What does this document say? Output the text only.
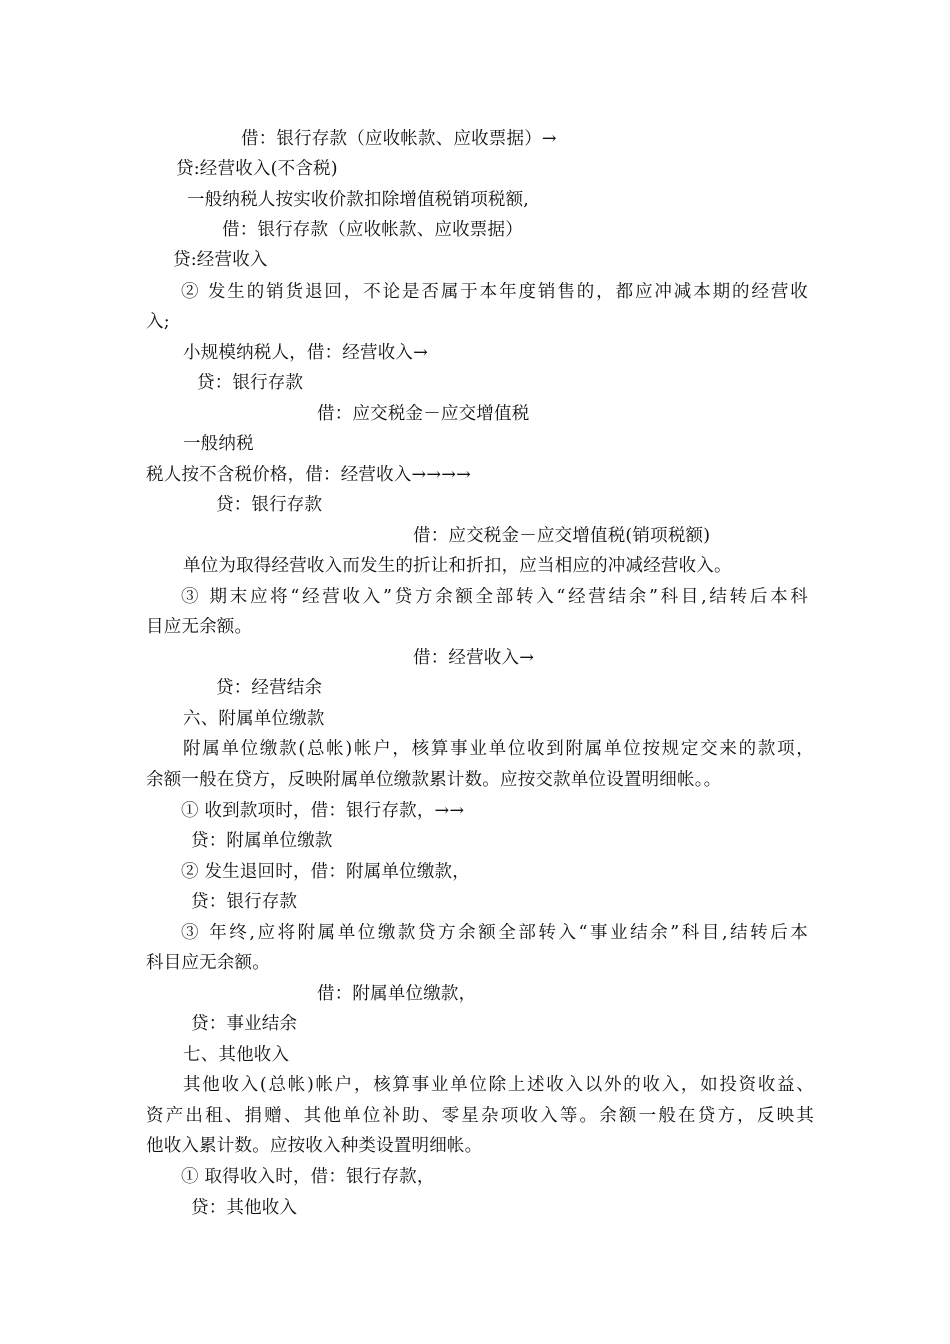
借：银行存款（应收帐款、应收票据）→
贷:经营收入(不含税)
一般纳税人按实收价款扣除增值税销项税额,
借：银行存款（应收帐款、应收票据）
贷:经营收入
② 发生的销货退回，不论是否属于本年度销售的，都应冲减本期的经营收
入;
小规模纳税人，借：经营收入→
贷：银行存款
借：应交税金－应交增值税
一般纳税
税人按不含税价格，借：经营收入→→→→
贷：银行存款
借：应交税金－应交增值税(销项税额)
单位为取得经营收入而发生的折让和折扣，应当相应的冲减经营收入。
③ 期末应将“经营收入”贷方余额全部转入“经营结余”科目,结转后本科
目应无余额。
借：经营收入→
贷：经营结余
六、附属单位缴款
附属单位缴款(总帐)帐户，核算事业单位收到附属单位按规定交来的款项，
余额一般在贷方，反映附属单位缴款累计数。应按交款单位设置明细帐。。
① 收到款项时，借：银行存款，→→
贷：附属单位缴款
② 发生退回时，借：附属单位缴款，
贷：银行存款
③ 年终,应将附属单位缴款贷方余额全部转入“事业结余”科目,结转后本
科目应无余额。
借：附属单位缴款，
贷：事业结余
七、其他收入
其他收入(总帐)帐户，核算事业单位除上述收入以外的收入，如投资收益、
资产出租、捐赠、其他单位补助、零星杂项收入等。余额一般在贷方，反映其
他收入累计数。应按收入种类设置明细帐。
① 取得收入时，借：银行存款，
贷：其他收入
